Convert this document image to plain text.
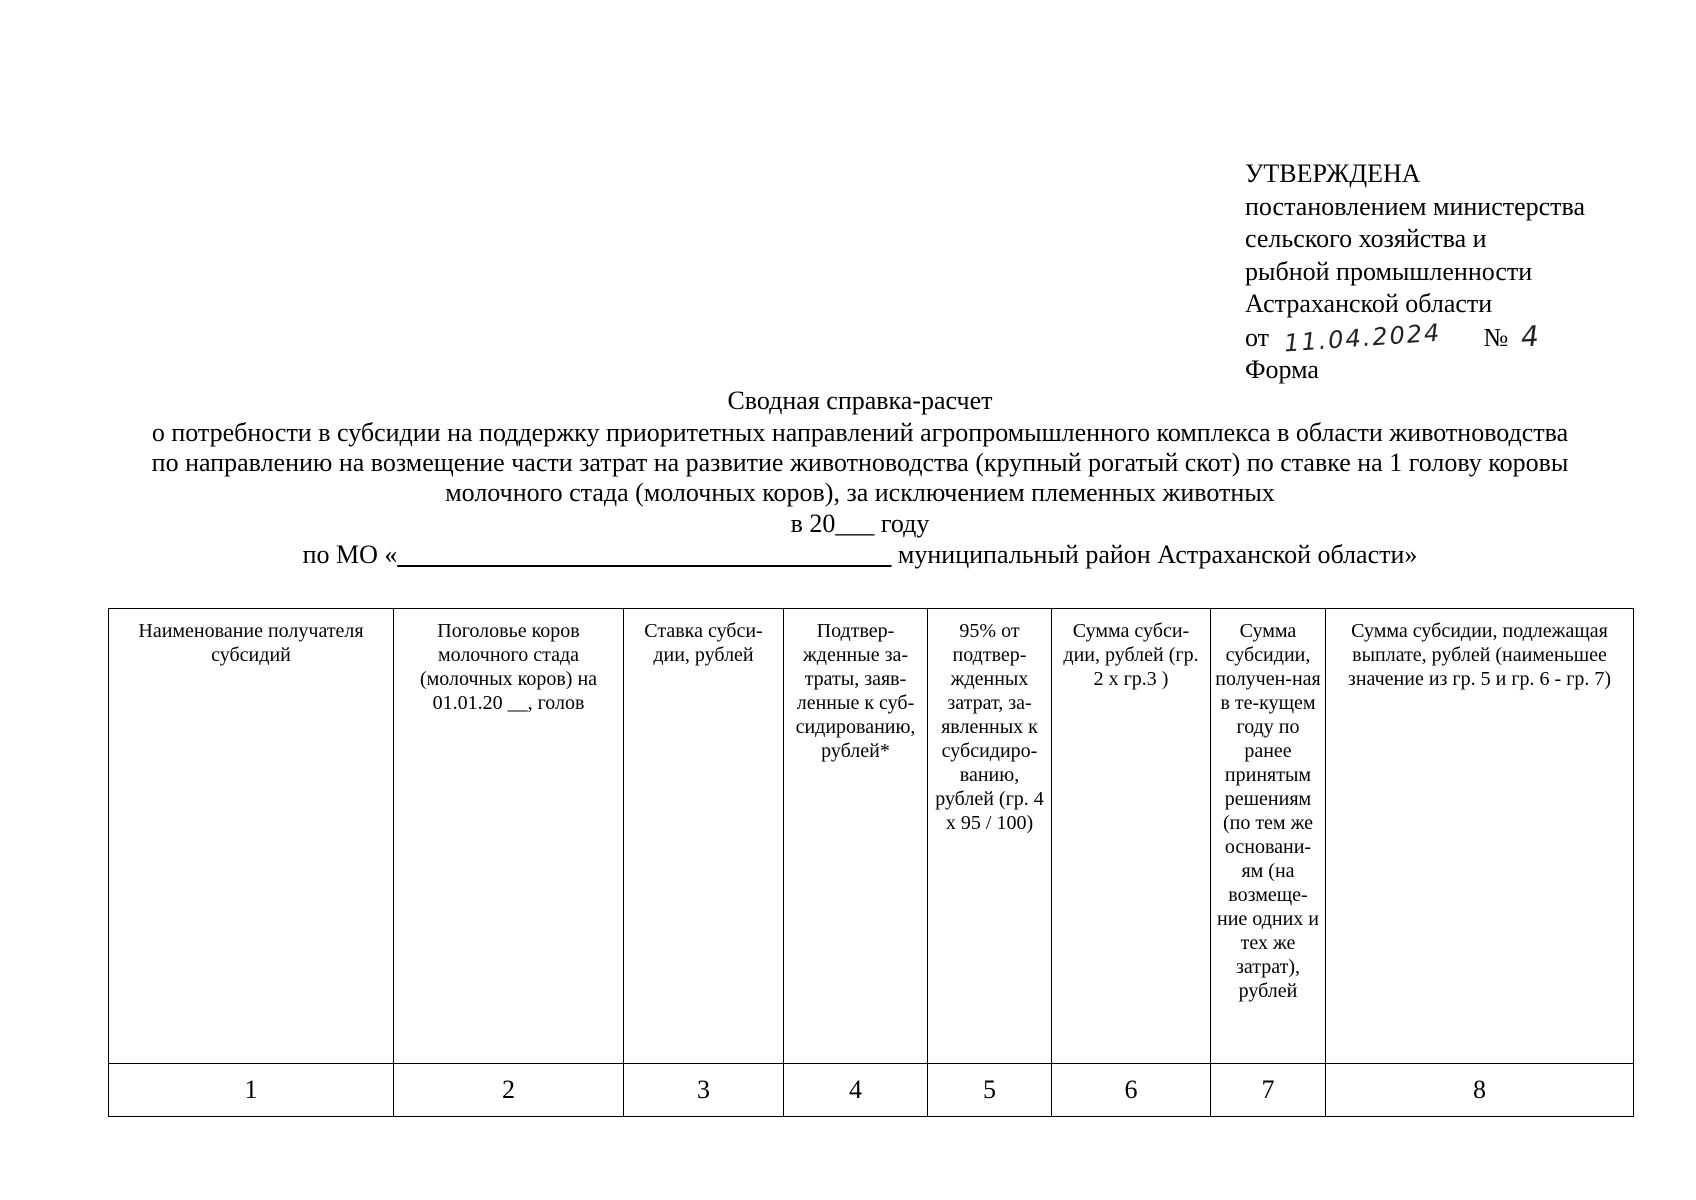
УТВЕРЖДЕНА
постановлением министерства
сельского хозяйства и
рыбной промышленности
Астраханской области
от 11.04.2024 № 4
Форма
Сводная справка-расчет
о потребности в субсидии на поддержку приоритетных направлений агропромышленного комплекса в области животноводства
по направлению на возмещение части затрат на развитие животноводства (крупный рогатый скот) по ставке на 1 голову коровы
молочного стада (молочных коров), за исключением племенных животных
в 20___ году
по МО «______________________________________ муниципальный район Астраханской области»
Наименование получателя субсидий	Поголовье коров молочного стада (молочных коров) на 01.01.20 __, голов	Ставка субси-дии, рублей	Подтвер-жденные за-траты, заяв-ленные к суб-сидированию, рублей*	95% от подтвер-жденных затрат, за-явленных к субсидиро-ванию, рублей (гр. 4 х 95 / 100)	Сумма субси-дии, рублей (гр. 2 х гр.3 )	Сумма субсидии, получен-ная в те-кущем году по ранее принятым решениям (по тем же основани-ям (на возмеще-ние одних и тех же затрат), рублей	Сумма субсидии, подлежащая выплате, рублей (наименьшее значение из гр. 5 и гр. 6 - гр. 7)
1	2	3	4	5	6	7	8
